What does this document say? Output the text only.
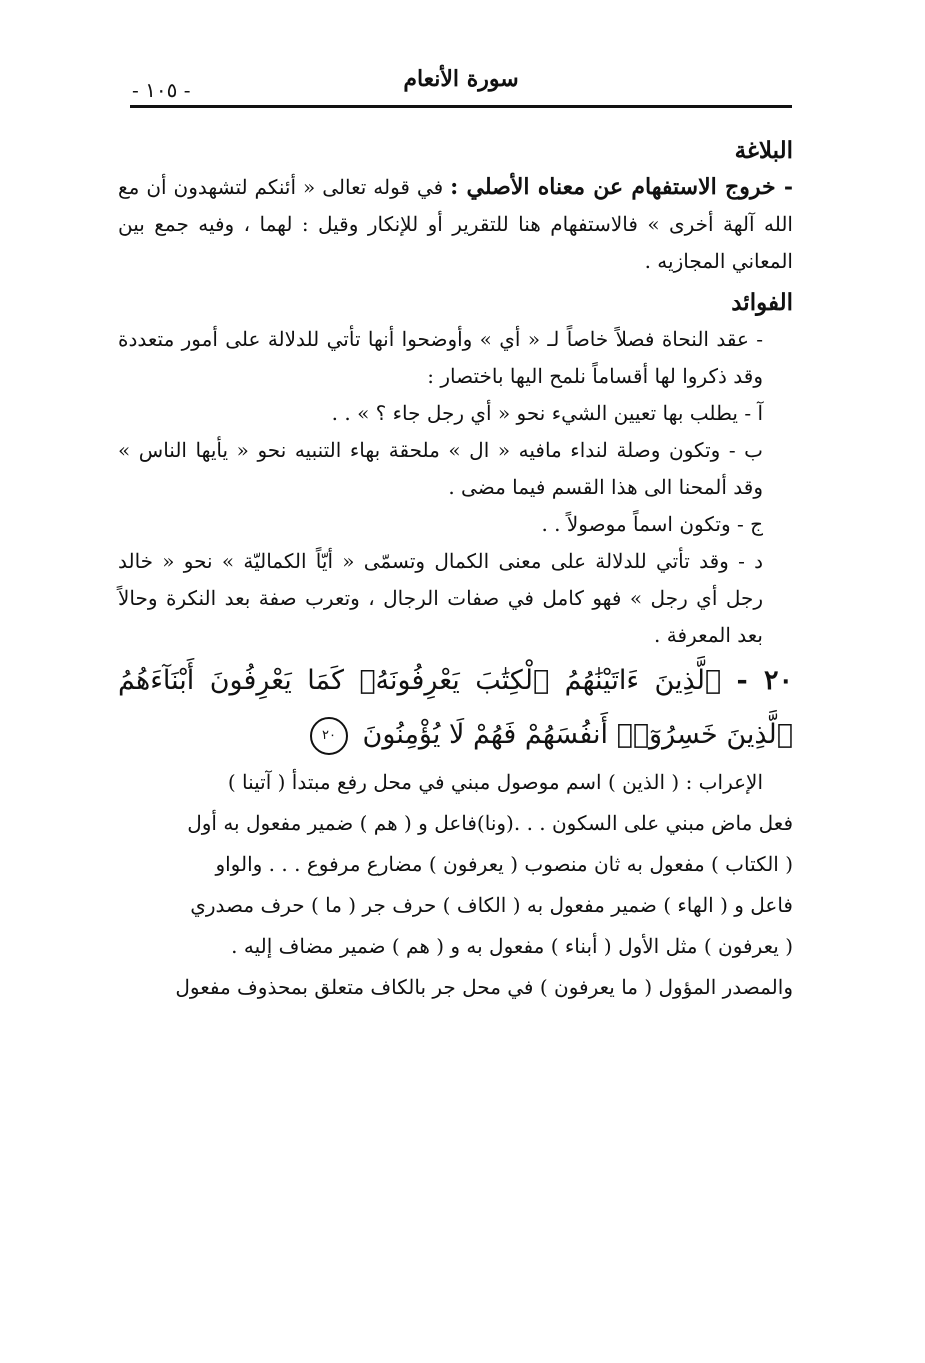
- ١٠٥ -	سورة الأنعام

البلاغة

- خروج الاستفهام عن معناه الأصلي : في قوله تعالى « أئنكم لتشهدون أن مع الله آلهة أخرى » فالاستفهام هنا للتقرير أو للإنكار وقيل : لهما ، وفيه جمع بين المعاني المجازيه .

الفوائد

- عقد النحاة فصلاً خاصاً لـ « أي » وأوضحوا أنها تأتي للدلالة على أمور متعددة وقد ذكروا لها أقساماً نلمح اليها باختصار :

آ - يطلب بها تعيين الشيء نحو « أي رجل جاء ؟ » . .

ب - وتكون وصلة لنداء مافيه « ال » ملحقة بهاء التنبيه نحو « يأيها الناس » وقد ألمحنا الى هذا القسم فيما مضى .

ج - وتكون اسماً موصولاً . .

د - وقد تأتي للدلالة على معنى الكمال وتسمّى « أيّاً الكماليّة » نحو « خالد رجل أي رجل » فهو كامل في صفات الرجال ، وتعرب صفة بعد النكرة وحالاً بعد المعرفة .

٢٠ - ٱلَّذِينَ ءَاتَيْنَٰهُمُ ٱلْكِتَٰبَ يَعْرِفُونَهُۥ كَمَا يَعْرِفُونَ أَبْنَآءَهُمُ ٱلَّذِينَ خَسِرُوٓا۟ أَنفُسَهُمْ فَهُمْ لَا يُؤْمِنُونَ ٢٠

الإعراب : ( الذين ) اسم موصول مبني في محل رفع مبتدأ ( آتينا )

فعل ماض مبني على السكون . . .(ونا)فاعل و ( هم ) ضمير مفعول به أول

( الكتاب ) مفعول به ثان منصوب ( يعرفون ) مضارع مرفوع . . . والواو

فاعل و ( الهاء ) ضمير مفعول به ( الكاف ) حرف جر ( ما ) حرف مصدري

( يعرفون ) مثل الأول ( أبناء ) مفعول به و ( هم ) ضمير مضاف إليه .

والمصدر المؤول ( ما يعرفون ) في محل جر بالكاف متعلق بمحذوف مفعول
